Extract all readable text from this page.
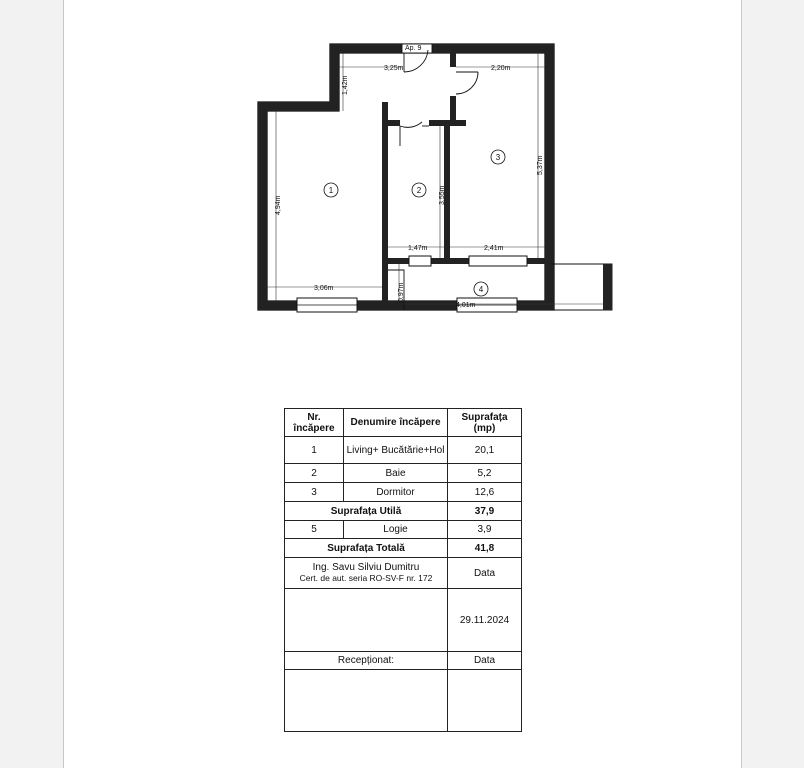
Ap. 9
3,25m	2,20m
1,42m
4,94m
3,06m
3,55m
1,47m
5,37m
2,41m
0,97m
4,01m
1	2
3
4
Nr. încăpere	Denumire încăpere	Suprafața (mp)
1	Living+ Bucătărie+Hol	20,1
2	Baie	5,2
3	Dormitor	12,6
Suprafața Utilă		37,9
5	Logie	3,9
Suprafața Totală		41,8

Ing. Savu Silviu Dumitru
Cert. de aut. seria RO-SV-F nr. 172		Data
		29.11.2024
Recepționat:		Data
